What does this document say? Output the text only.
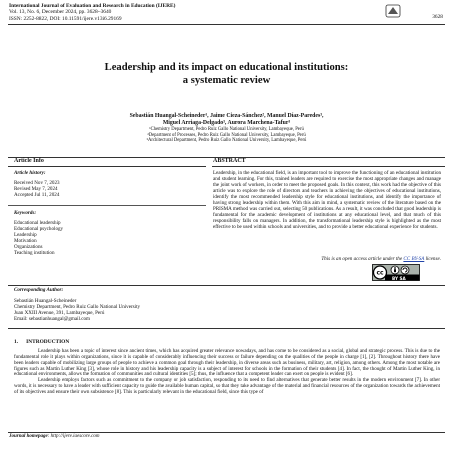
International Journal of Evaluation and Research in Education (IJERE)
Vol. 13, No. 6, December 2024, pp. 3628~3640
ISSN: 2252-8822, DOI: 10.11591/ijere.v13i6.29169	3628
Leadership and its impact on educational institutions:
a systematic review
Sebastián Huangal-Scheineder¹, Jaime Cieza-Sánchez², Manuel Díaz-Paredes³,
Miguel Arriaga-Delgado³, Aurora Marchena-Tafur³
¹Chemistry Department, Pedro Ruiz Gallo National University, Lambayeque, Perú
²Department of Processes, Pedro Ruiz Gallo National University, Lambayeque, Perú
³Architectural Department, Pedro Ruiz Gallo National University, Lambayeque, Perú
Article Info	ABSTRACT
Article history:
Received Nov 7, 2023
Revised May 7, 2024
Accepted Jul 11, 2024
Keywords:
Educational leadership
Educational psychology
Leadership
Motivation
Organizations
Teaching institution
Leadership, in the educational field, is an important tool to improve the functioning of an educational institution and student learning. For this, trained leaders are required to exercise the most appropriate changes and manage the joint work of workers, in order to meet the proposed goals. In this context, this work had the objective of this article was to explore the role of directors and teachers in achieving the objectives of educational institutions, identify the most recommended leadership style for educational institutions, and identify the importance of having strong leadership within them. With this aim in mind, a systematic review of the literature based on the PRISMA method was carried out, selecting 50 publications. As a result, it was concluded that good leadership is fundamental for the academic development of institutions at any educational level, and that much of this responsibility falls on managers. In addition, the transformational leadership style is highlighted as the most effective to be used within schools and universities, and to provide a better educational experience for students.
This is an open access article under the CC BY-SA license.
cc
BY SA
Corresponding Author:
Sebastián Huangal-Scheineder
Chemistry Department, Pedro Ruiz Gallo National University
Juan XXIII Avenue, 391, Lambayeque, Perú
Email: sebastianhuangal@gmail.com
1.      INTRODUCTION

Leadership has been a topic of interest since ancient times, which has acquired greater relevance nowadays, and has come to be considered as a social, global and strategic process. This is due to the fundamental role it plays within organizations, since it is capable of considerably influencing their success or failure depending on the qualities of the people in charge [1], [2]. Throughout history there have been leaders capable of mobilizing large groups of people to achieve a common goal through their leadership, in diverse areas such as business, military, art, religion, among others. Among the most notable are figures such as Martin Luther King [3], whose role in history and his leadership capacity is a subject of interest for schools in the formation of their students [4]. In fact, the thought of Martin Luther King, in educational environments, allows the formation of communities and cultural identities [5]; thus, the influence that a competent leader can exert on people is evident [6].

Leadership employs factors such as commitment to the company or job satisfaction, responding to its need to find alternatives that generate better results in the modern environment [7]. In other words, it is necessary to have a leader with sufficient capacity to guide the available human capital, so that they take advantage of the material and financial resources of the organization towards the achievement of its objectives and ensure their own subsistence [8]. This is particularly relevant in the educational field, since this type of

Journal homepage: http://ijere.iaescore.com
